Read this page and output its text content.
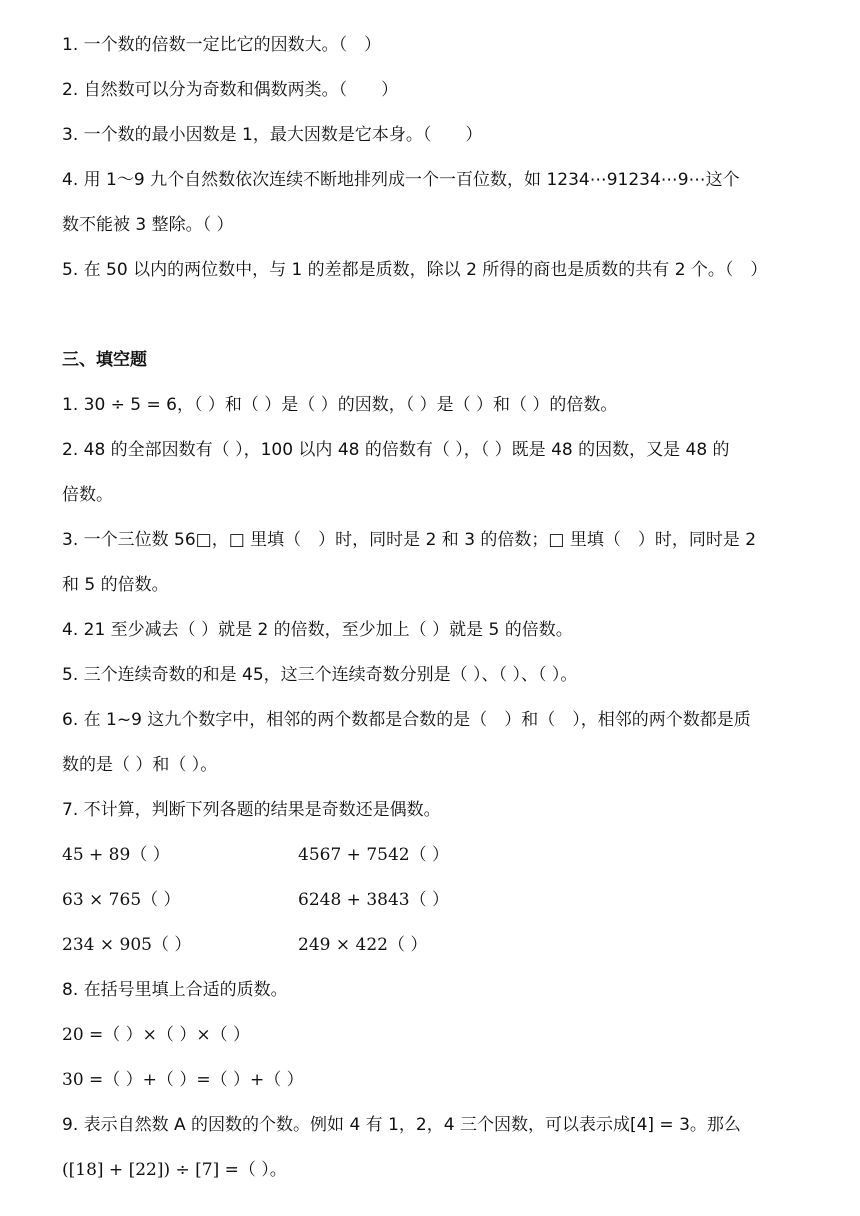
1. 一个数的倍数一定比它的因数大。（　）
2. 自然数可以分为奇数和偶数两类。（　　）
3. 一个数的最小因数是 1，最大因数是它本身。（　　）
4. 用 1～9 九个自然数依次连续不断地排列成一个一百位数，如 1234⋯91234⋯9⋯这个
数不能被 3 整除。（ ）
5. 在 50 以内的两位数中，与 1 的差都是质数，除以 2 所得的商也是质数的共有 2 个。（　）
三、填空题
1. 30 ÷ 5 = 6，（ ）和（ ）是（ ）的因数，（ ）是（ ）和（ ）的倍数。
2. 48 的全部因数有（ ），100 以内 48 的倍数有（ ），（ ）既是 48 的因数，又是 48 的
倍数。
3. 一个三位数 56□，□ 里填（　）时，同时是 2 和 3 的倍数；□ 里填（　）时，同时是 2
和 5 的倍数。
4. 21 至少减去（ ）就是 2 的倍数，至少加上（ ）就是 5 的倍数。
5. 三个连续奇数的和是 45，这三个连续奇数分别是（ ）、（ ）、（ ）。
6. 在 1~9 这九个数字中，相邻的两个数都是合数的是（　）和（　），相邻的两个数都是质
数的是（ ）和（ ）。
7. 不计算，判断下列各题的结果是奇数还是偶数。
45 + 89（ ）	4567 + 7542（ ）
63 × 765（ ）	6248 + 3843（ ）
234 × 905（ ）	249 × 422（ ）
8. 在括号里填上合适的质数。
20 =（ ）×（ ）×（ ）
30 =（ ）+（ ）=（ ）+（ ）
9. 表示自然数 A 的因数的个数。例如 4 有 1，2，4 三个因数，可以表示成[4] = 3。那么
([18] + [22]) ÷ [7] =（ ）。
